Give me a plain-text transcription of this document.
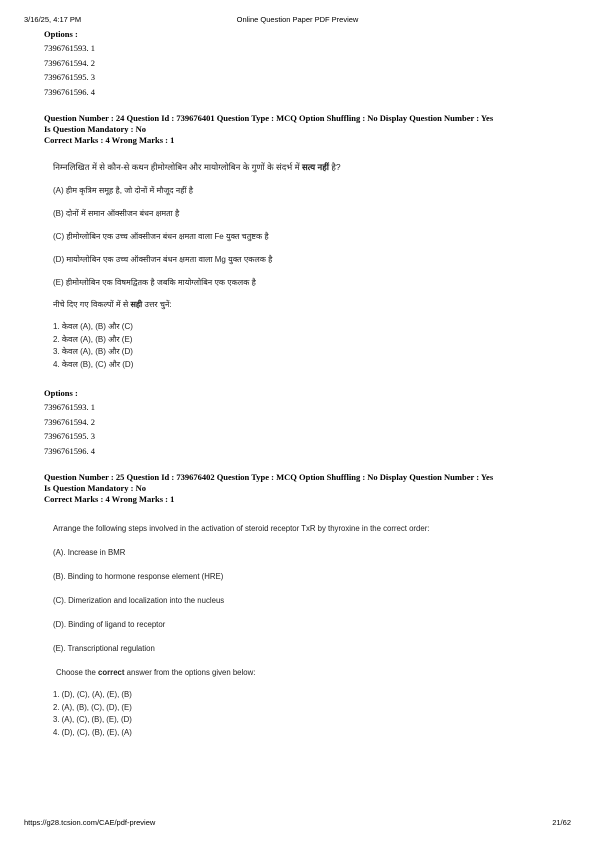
3/16/25, 4:17 PM	Online Question Paper PDF Preview

Options :

7396761593. 1

7396761594. 2

7396761595. 3

7396761596. 4

Question Number : 24 Question Id : 739676401 Question Type : MCQ Option Shuffling : No Display Question Number : Yes

Is Question Mandatory : No

Correct Marks : 4 Wrong Marks : 1

निम्नलिखित में से कौन-से कथन हीमोग्लोबिन और मायोग्लोबिन के गुणों के संदर्भ में सत्य नहीं है?

(A) हीम कृत्रिम समूह है, जो दोनों में मौजूद नहीं है

(B) दोनों में समान ऑक्सीजन बंधन क्षमता है

(C) हीमोग्लोबिन एक उच्च ऑक्सीजन बंधन क्षमता वाला Fe युक्त चतुष्टक है

(D) मायोग्लोबिन एक उच्च ऑक्सीजन बंधन क्षमता वाला Mg युक्त एकलक है

(E) हीमोग्लोबिन एक विषमद्वितक है जबकि मायोग्लोबिन एक एकलक है

नीचे दिए गए विकल्पों में से सही उत्तर चुनें:

1. केवल (A), (B) और (C)

2. केवल (A), (B) और (E)

3. केवल (A), (B) और (D)

4. केवल (B), (C) और (D)

Options :

7396761593. 1

7396761594. 2

7396761595. 3

7396761596. 4

Question Number : 25 Question Id : 739676402 Question Type : MCQ Option Shuffling : No Display Question Number : Yes

Is Question Mandatory : No

Correct Marks : 4 Wrong Marks : 1

Arrange the following steps involved in the activation of steroid receptor TxR by thyroxine in the correct order:

(A). Increase in BMR

(B). Binding to hormone response element (HRE)

(C). Dimerization and localization into the nucleus

(D). Binding of ligand to receptor

(E). Transcriptional regulation

Choose the correct answer from the options given below:

1. (D), (C), (A), (E), (B)

2. (A), (B), (C), (D), (E)

3. (A), (C), (B), (E), (D)

4. (D), (C), (B), (E), (A)

https://g28.tcsion.com/CAE/pdf-preview	21/62
